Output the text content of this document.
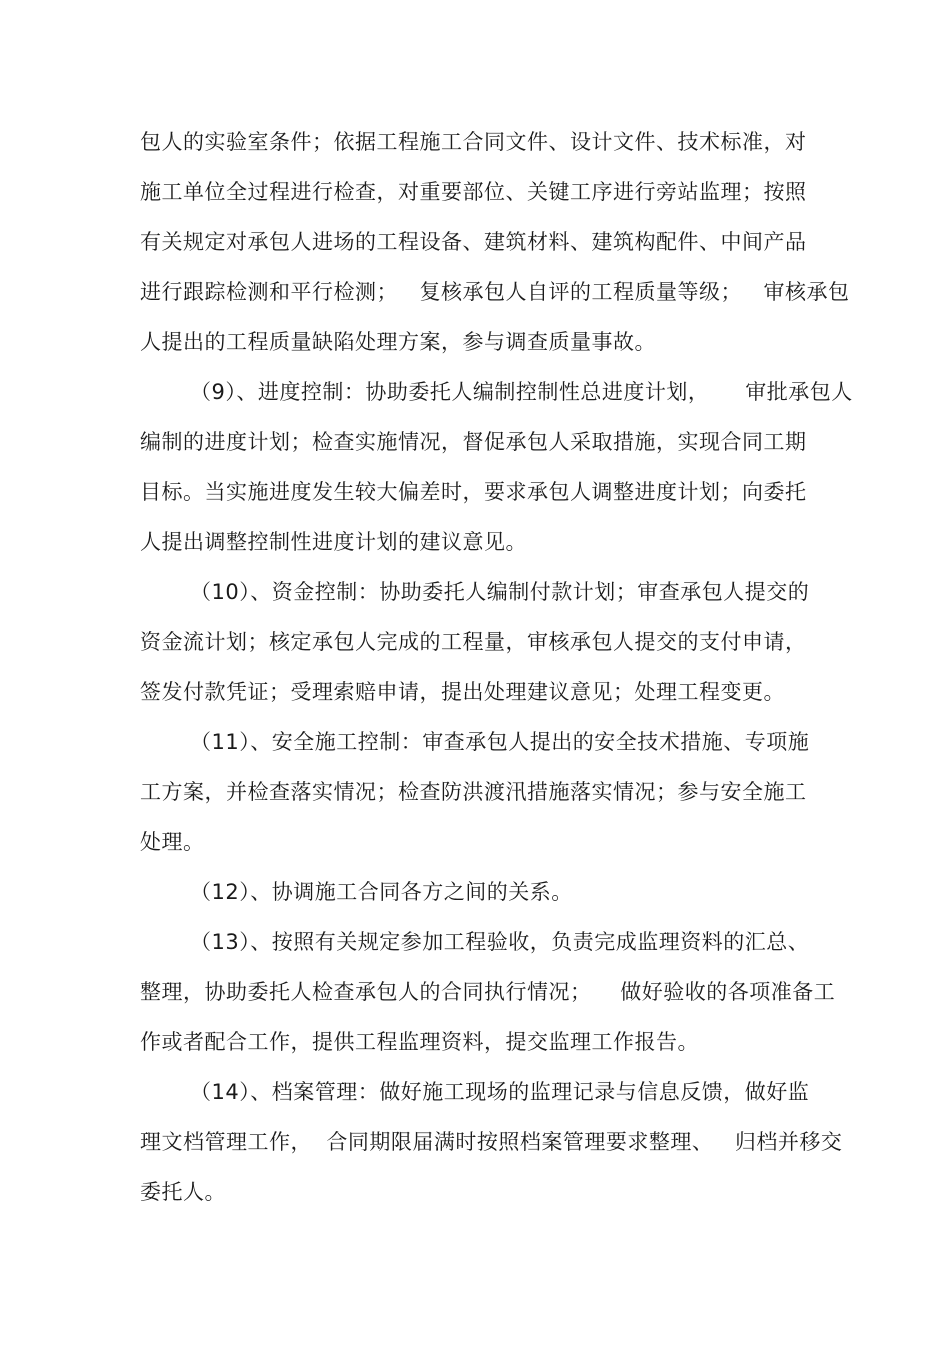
包人的实验室条件；依据工程施工合同文件、设计文件、技术标准，对
施工单位全过程进行检查，对重要部位、关键工序进行旁站监理；按照
有关规定对承包人进场的工程设备、建筑材料、建筑构配件、中间产品
进行跟踪检测和平行检测；   复核承包人自评的工程质量等级；   审核承包
人提出的工程质量缺陷处理方案，参与调查质量事故。
（9）、进度控制：协助委托人编制控制性总进度计划，     审批承包人
编制的进度计划；检查实施情况，督促承包人采取措施，实现合同工期
目标。当实施进度发生较大偏差时，要求承包人调整进度计划；向委托
人提出调整控制性进度计划的建议意见。
（10）、资金控制：协助委托人编制付款计划；审查承包人提交的
资金流计划；核定承包人完成的工程量，审核承包人提交的支付申请，
签发付款凭证；受理索赔申请，提出处理建议意见；处理工程变更。
（11）、安全施工控制：审查承包人提出的安全技术措施、专项施
工方案，并检查落实情况；检查防洪渡汛措施落实情况；参与安全施工
处理。
（12）、协调施工合同各方之间的关系。
（13）、按照有关规定参加工程验收，负责完成监理资料的汇总、
整理，协助委托人检查承包人的合同执行情况；    做好验收的各项准备工
作或者配合工作，提供工程监理资料，提交监理工作报告。
（14）、档案管理：做好施工现场的监理记录与信息反馈，做好监
理文档管理工作，  合同期限届满时按照档案管理要求整理、   归档并移交
委托人。
